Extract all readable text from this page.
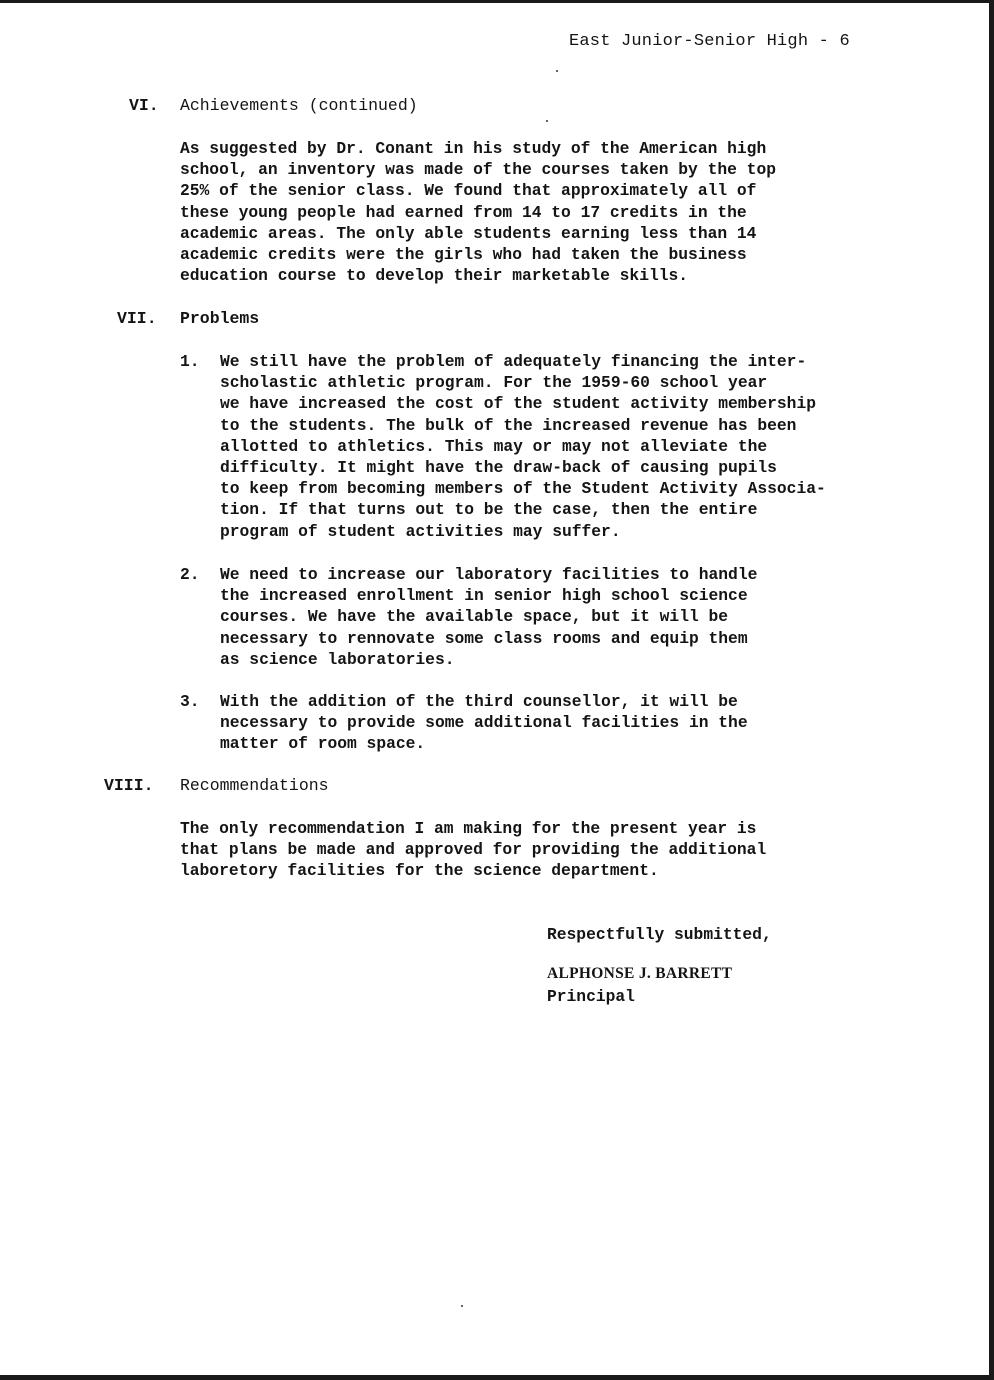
East Junior-Senior High - 6
VI. Achievements (continued)
As suggested by Dr. Conant in his study of the American high
school, an inventory was made of the courses taken by the top
25% of the senior class. We found that approximately all of
these young people had earned from 14 to 17 credits in the
academic areas. The only able students earning less than 14
academic credits were the girls who had taken the business
education course to develop their marketable skills.
VII. Problems
1. We still have the problem of adequately financing the inter-
scholastic athletic program. For the 1959-60 school year
we have increased the cost of the student activity membership
to the students. The bulk of the increased revenue has been
allotted to athletics. This may or may not alleviate the
difficulty. It might have the draw-back of causing pupils
to keep from becoming members of the Student Activity Associa-
tion. If that turns out to be the case, then the entire
program of student activities may suffer.
2. We need to increase our laboratory facilities to handle
the increased enrollment in senior high school science
courses. We have the available space, but it will be
necessary to rennovate some class rooms and equip them
as science laboratories.
3. With the addition of the third counsellor, it will be
necessary to provide some additional facilities in the
matter of room space.
VIII. Recommendations
The only recommendation I am making for the present year is
that plans be made and approved for providing the additional
laboretory facilities for the science department.
Respectfully submitted,
ALPHONSE J. BARRETT
Principal
